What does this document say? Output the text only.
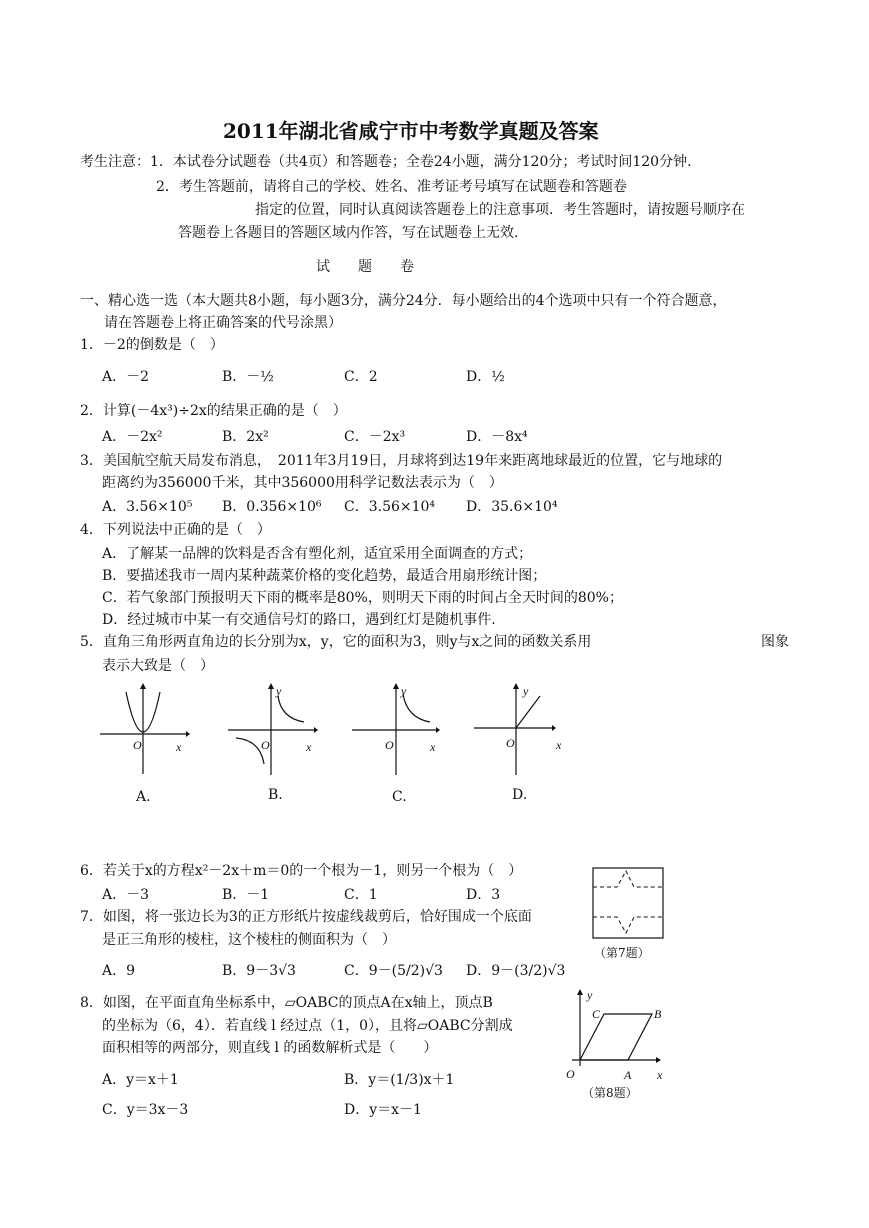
2011年湖北省咸宁市中考数学真题及答案
考生注意：1．本试卷分试题卷（共4页）和答题卷；全卷24小题，满分120分；考试时间120分钟.
2．考生答题前，请将自己的学校、姓名、准考证考号填写在试题卷和答题卷
指定的位置，同时认真阅读答题卷上的注意事项．考生答题时，请按题号顺序在
答题卷上各题目的答题区域内作答，写在试题卷上无效.
试　　题　　卷
一、精心选一选（本大题共8小题，每小题3分，满分24分．每小题给出的4个选项中只有一个符合题意，
请在答题卷上将正确答案的代号涂黑）
1．－2的倒数是（　）
A．－2	B．－½	C．2	D．½
2．计算(－4x³)÷2x的结果正确的是（　）
A．－2x²	B．2x²	C．－2x³	D．－8x⁴
3．美国航空航天局发布消息，　2011年3月19日，月球将到达19年来距离地球最近的位置，它与地球的
距离约为356000千米，其中356000用科学记数法表示为（　）
A．3.56×10⁵ B．0.356×10⁶ C．3.56×10⁴ D．35.6×10⁴
4．下列说法中正确的是（　）
A．了解某一品牌的饮料是否含有塑化剂，适宜采用全面调查的方式；
B．要描述我市一周内某种蔬菜价格的变化趋势，最适合用扇形统计图；
C．若气象部门预报明天下雨的概率是80%，则明天下雨的时间占全天时间的80%；
D．经过城市中某一有交通信号灯的路口，遇到红灯是随机事件.
5．直角三角形两直角边的长分别为x，y，它的面积为3，则y与x之间的函数关系用	图象
表示大致是（　）
O	x
y
O	x
y
O	x
y
O	x
A.	B.	C.	D.
6．若关于x的方程x²－2x＋m＝0的一个根为－1，则另一个根为（　）
A．－3	B．－1	C．1	D．3
（第7题）
7．如图，将一张边长为3的正方形纸片按虚线裁剪后，恰好围成一个底面
是正三角形的棱柱，这个棱柱的侧面积为（　）
A．9	B．9－3√3	C．9－(5/2)√3 D．9－(3/2)√3
8．如图，在平面直角坐标系中，▱OABC的顶点A在x轴上，顶点B
的坐标为（6，4）．若直线 l 经过点（1，0），且将▱OABC分割成
面积相等的两部分，则直线 l 的函数解析式是（　　）
A．y＝x＋1	B．y＝(1/3)x＋1
C．y＝3x－3	D．y＝x－1
y
C	B
O	A x
（第8题）
